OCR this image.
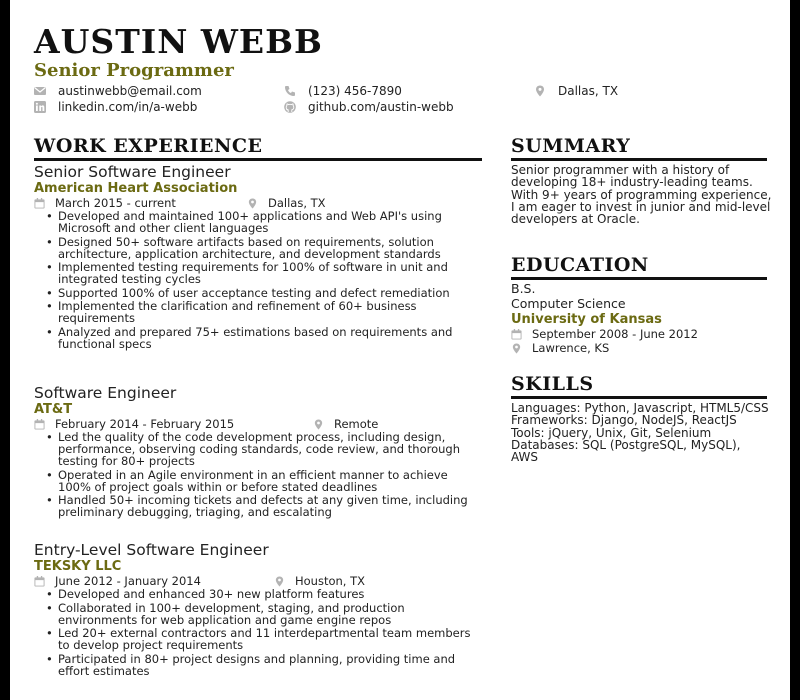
AUSTIN WEBB
Senior Programmer
austinwebb@email.com	(123) 456-7890	Dallas, TX
linkedin.com/in/a-webb	github.com/austin-webb
WORK EXPERIENCE

Senior Software Engineer

American Heart Association

March 2015 - current	Dallas, TX
• Developed and maintained 100+ applications and Web API's using Microsoft and other client languages
• Designed 50+ software artifacts based on requirements, solution architecture, application architecture, and development standards
• Implemented testing requirements for 100% of software in unit and integrated testing cycles
• Supported 100% of user acceptance testing and defect remediation
• Implemented the clarification and refinement of 60+ business requirements
• Analyzed and prepared 75+ estimations based on requirements and functional specs

Software Engineer

AT&T

February 2014 - February 2015	Remote
• Led the quality of the code development process, including design, performance, observing coding standards, code review, and thorough testing for 80+ projects
• Operated in an Agile environment in an efficient manner to achieve 100% of project goals within or before stated deadlines
• Handled 50+ incoming tickets and defects at any given time, including preliminary debugging, triaging, and escalating

Entry-Level Software Engineer

TEKSKY LLC

June 2012 - January 2014	Houston, TX
• Developed and enhanced 30+ new platform features
• Collaborated in 100+ development, staging, and production environments for web application and game engine repos
• Led 20+ external contractors and 11 interdepartmental team members to develop project requirements
• Participated in 80+ project designs and planning, providing time and effort estimates
SUMMARY

Senior programmer with a history of developing 18+ industry-leading teams. With 9+ years of programming experience, I am eager to invest in junior and mid-level developers at Oracle.

EDUCATION

B.S.

Computer Science

University of Kansas

September 2008 - June 2012
Lawrence, KS
SKILLS

Languages: Python, Javascript, HTML5/CSS

Frameworks: Django, NodeJS, ReactJS

Tools: jQuery, Unix, Git, Selenium

Databases: SQL (PostgreSQL, MySQL), AWS
